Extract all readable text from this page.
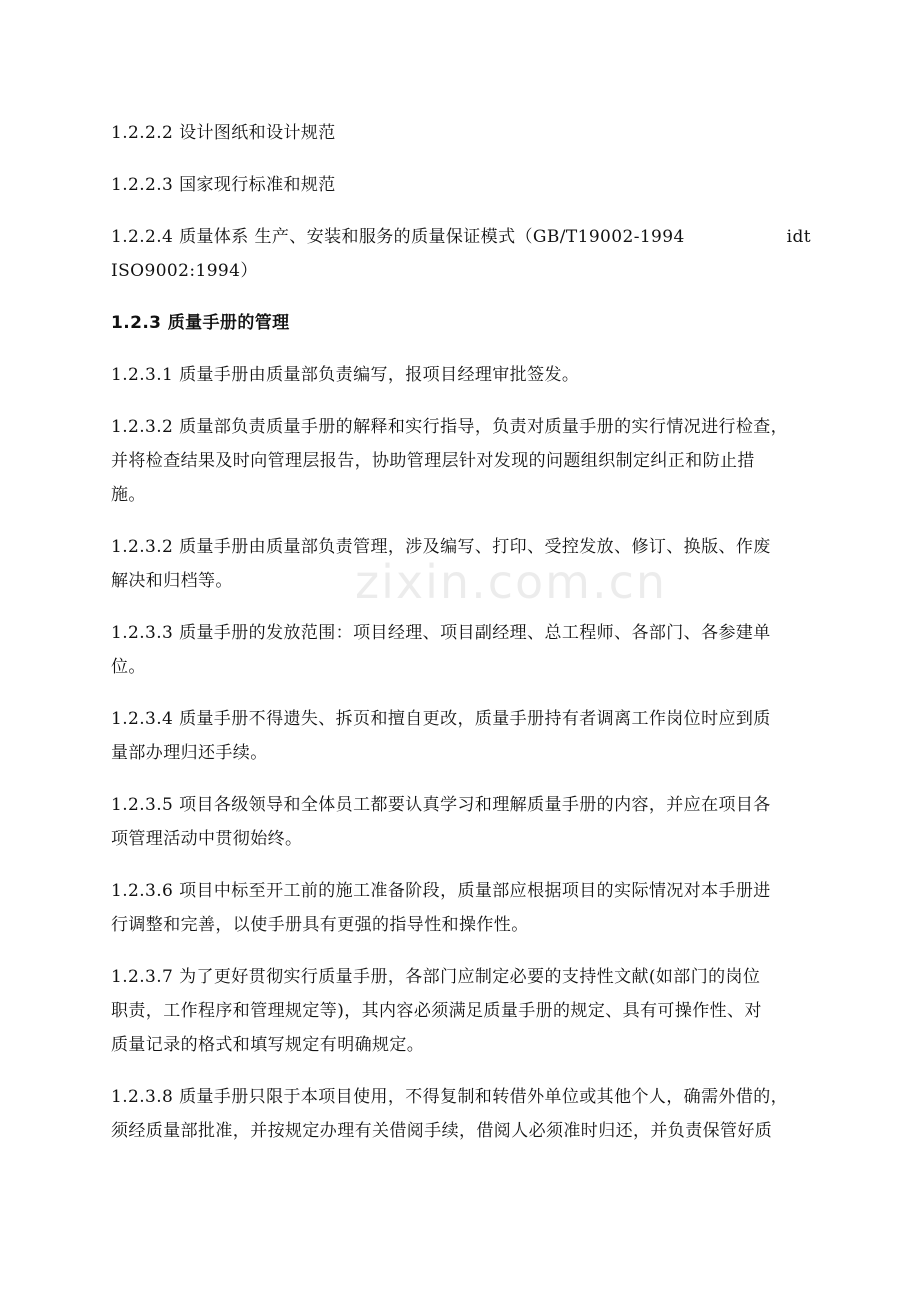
zixin.com.cn
1.2.2.2 设计图纸和设计规范
1.2.2.3 国家现行标准和规范
1.2.2.4 质量体系 生产、安装和服务的质量保证模式（GB/T19002-1994	idt
ISO9002:1994）
1.2.3 质量手册的管理
1.2.3.1 质量手册由质量部负责编写，报项目经理审批签发。
1.2.3.2 质量部负责质量手册的解释和实行指导，负责对质量手册的实行情况进行检查，
并将检查结果及时向管理层报告，协助管理层针对发现的问题组织制定纠正和防止措
施。
1.2.3.2 质量手册由质量部负责管理，涉及编写、打印、受控发放、修订、换版、作废
解决和归档等。
1.2.3.3 质量手册的发放范围：项目经理、项目副经理、总工程师、各部门、各参建单
位。
1.2.3.4 质量手册不得遗失、拆页和擅自更改，质量手册持有者调离工作岗位时应到质
量部办理归还手续。
1.2.3.5 项目各级领导和全体员工都要认真学习和理解质量手册的内容，并应在项目各
项管理活动中贯彻始终。
1.2.3.6 项目中标至开工前的施工准备阶段，质量部应根据项目的实际情况对本手册进
行调整和完善，以使手册具有更强的指导性和操作性。
1.2.3.7 为了更好贯彻实行质量手册，各部门应制定必要的支持性文献(如部门的岗位
职责，工作程序和管理规定等)，其内容必须满足质量手册的规定、具有可操作性、对
质量记录的格式和填写规定有明确规定。
1.2.3.8 质量手册只限于本项目使用，不得复制和转借外单位或其他个人，确需外借的，
须经质量部批准，并按规定办理有关借阅手续，借阅人必须准时归还，并负责保管好质
